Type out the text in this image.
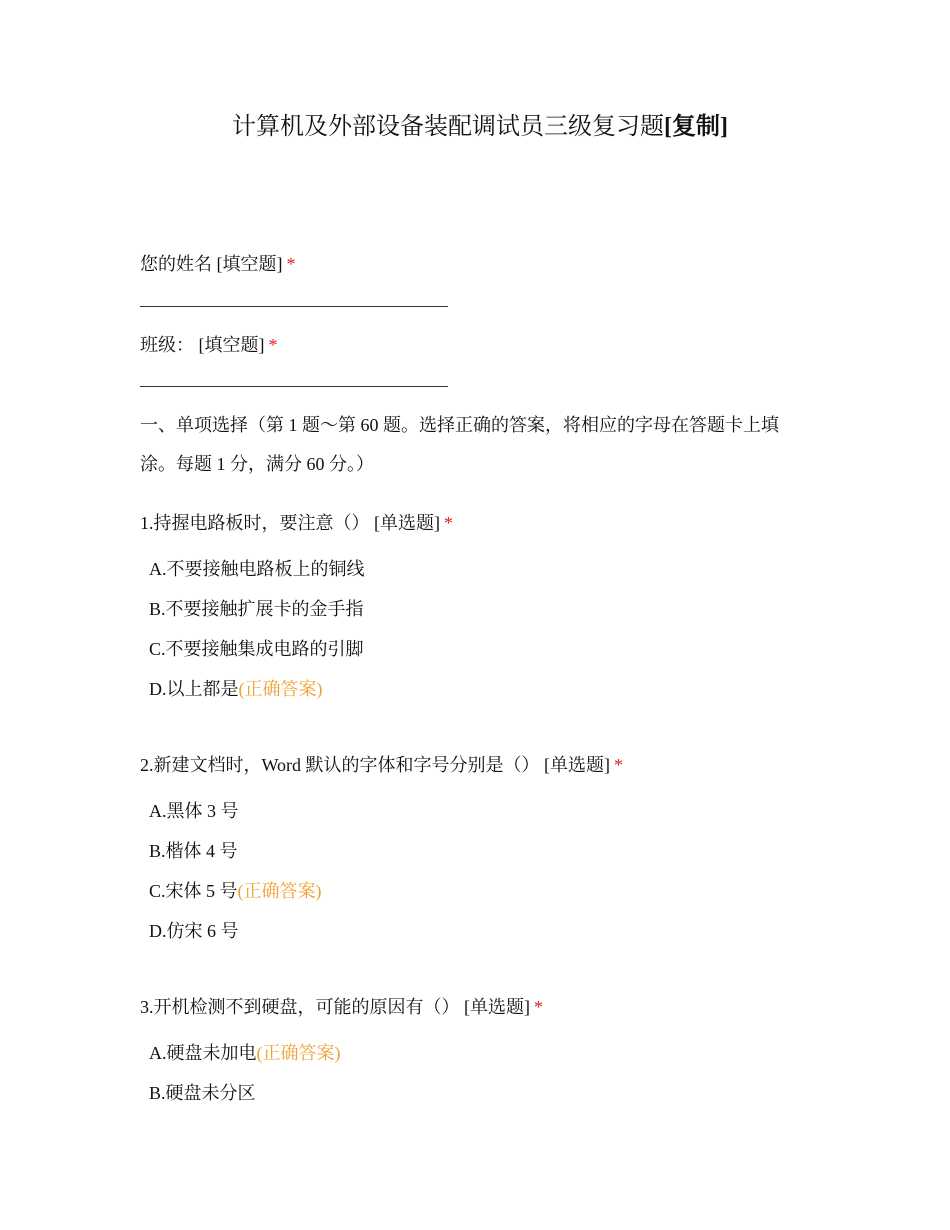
计算机及外部设备装配调试员三级复习题[复制]
您的姓名 [填空题] *
班级： [填空题] *
一、单项选择（第 1 题～第 60 题。选择正确的答案，将相应的字母在答题卡上填涂。每题 1 分，满分 60 分。）
1.持握电路板时，要注意（） [单选题] *
A.不要接触电路板上的铜线
B.不要接触扩展卡的金手指
C.不要接触集成电路的引脚
D.以上都是(正确答案)
2.新建文档时，Word 默认的字体和字号分别是（） [单选题] *
A.黑体 3 号
B.楷体 4 号
C.宋体 5 号(正确答案)
D.仿宋 6 号
3.开机检测不到硬盘，可能的原因有（） [单选题] *
A.硬盘未加电(正确答案)
B.硬盘未分区
